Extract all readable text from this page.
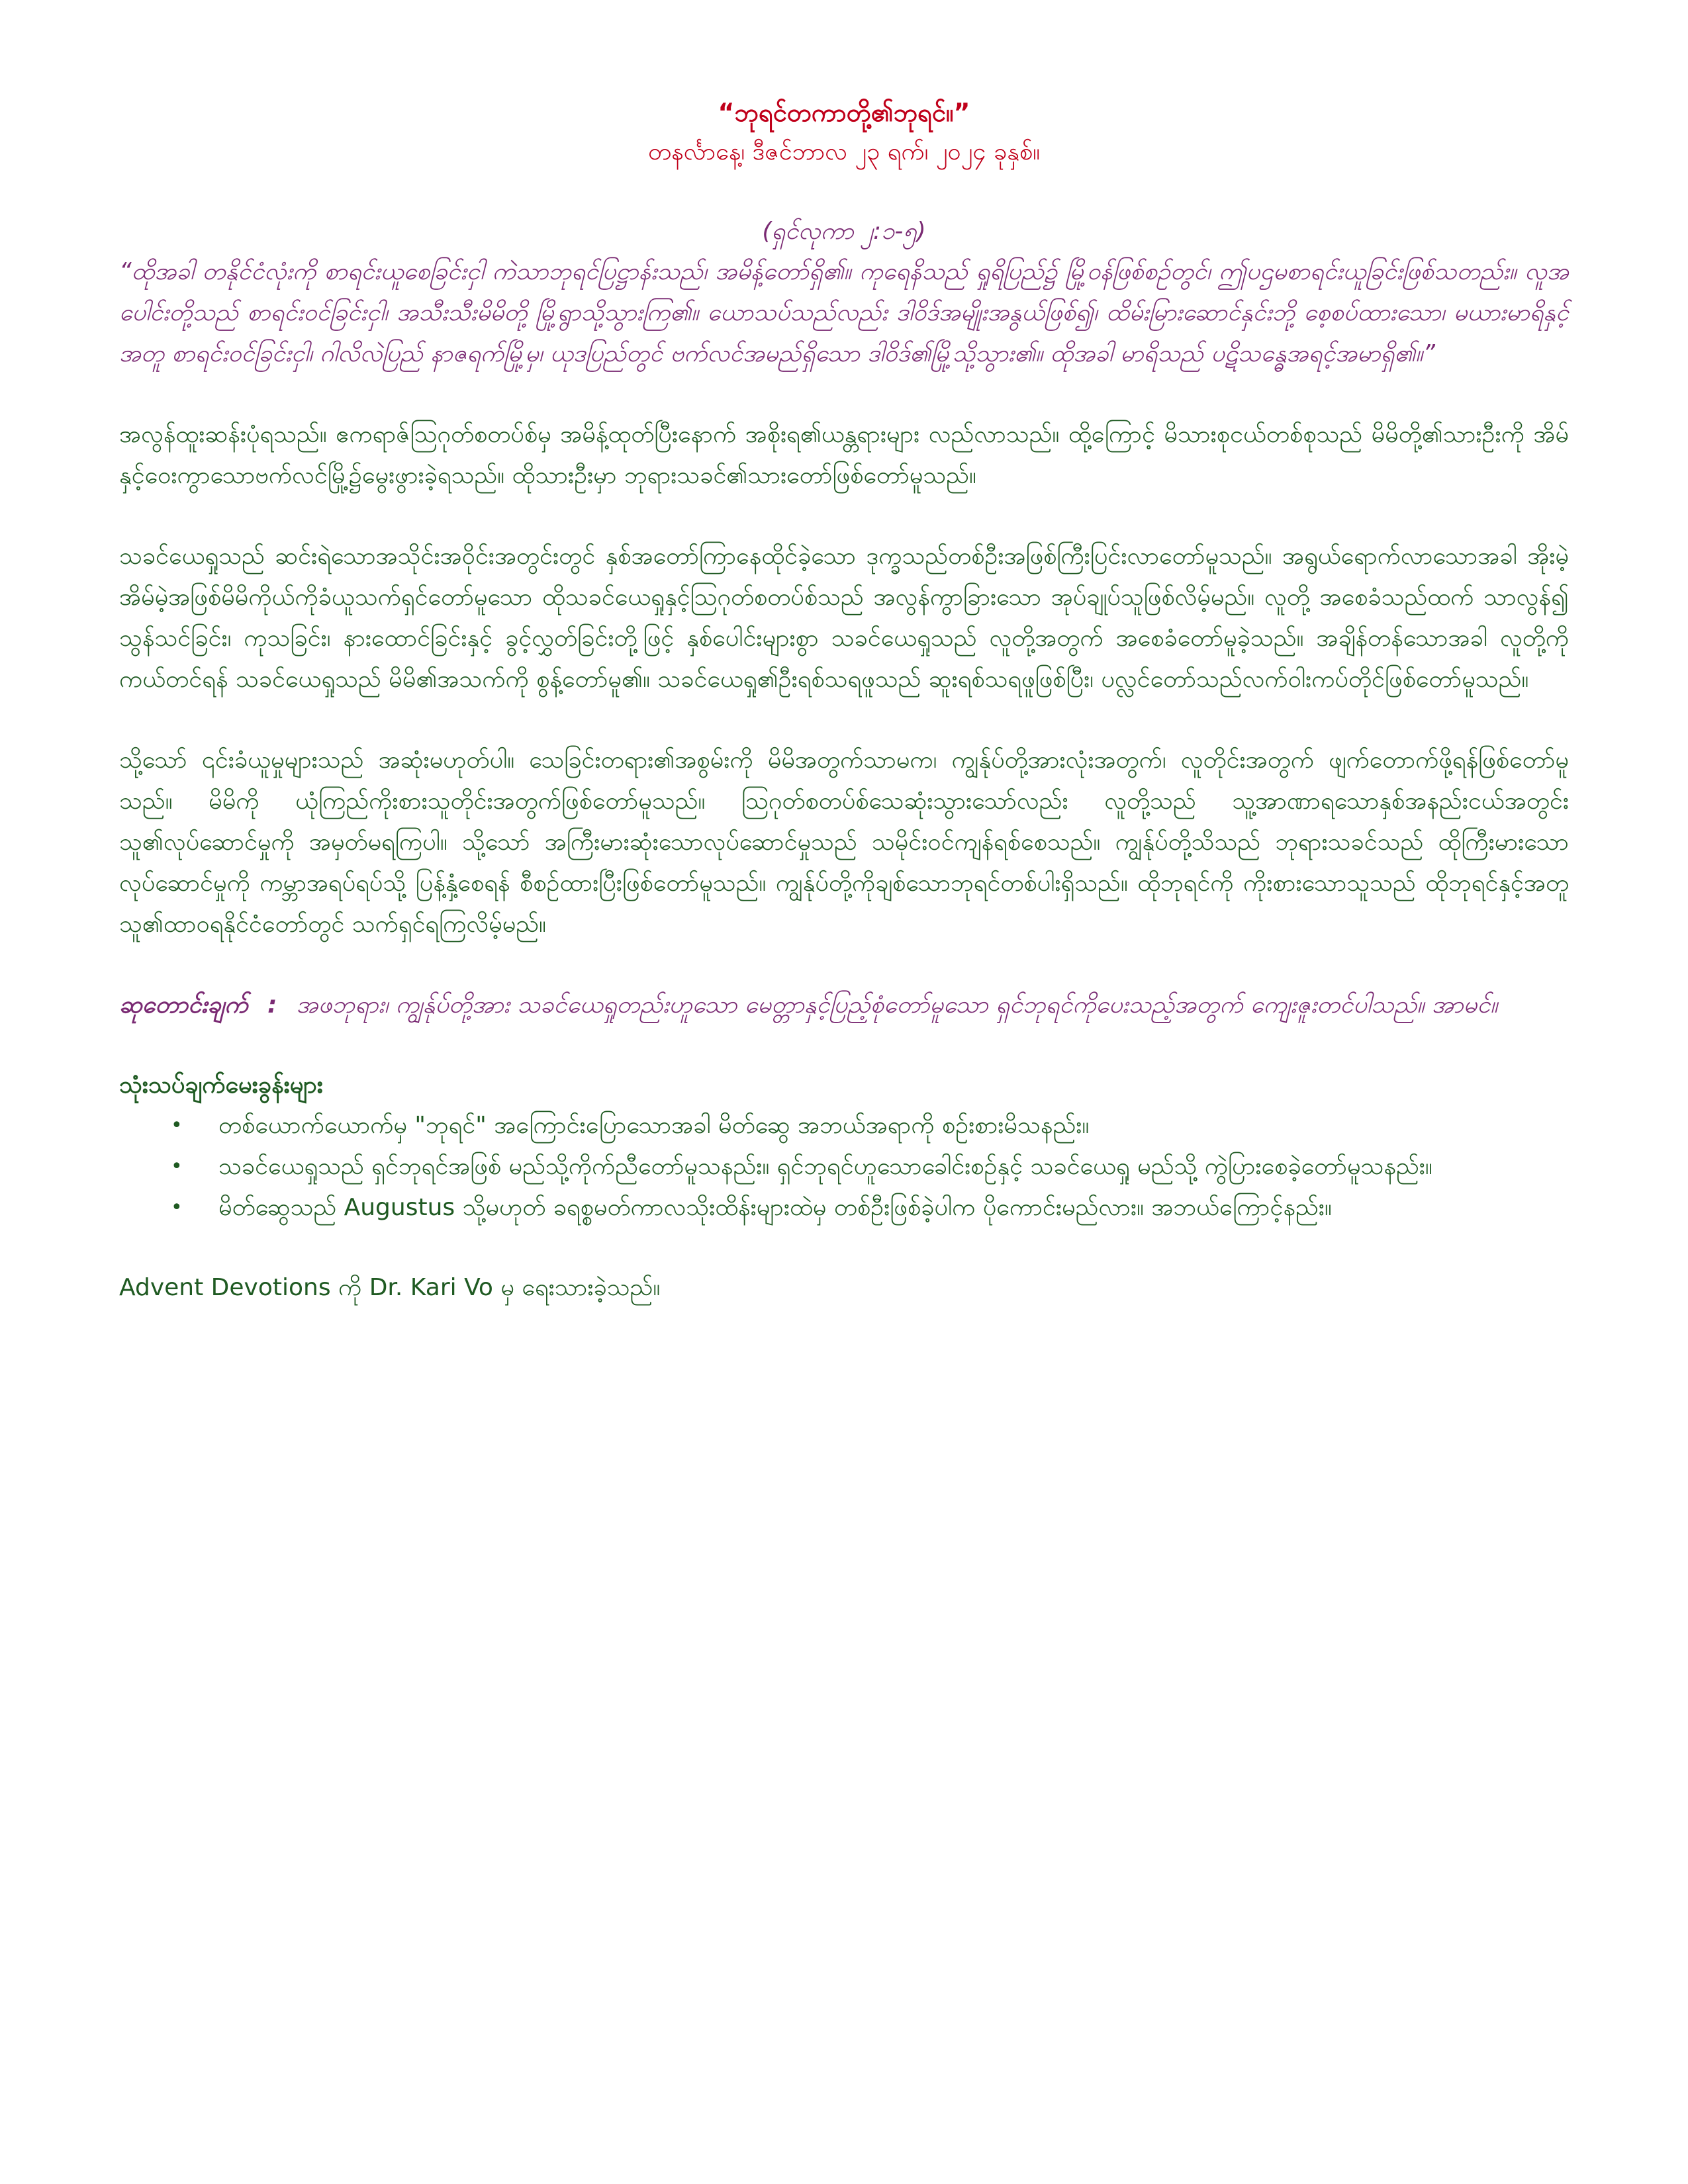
“ဘုရင်တကာတို့၏ဘုရင်။”

တနင်္လာနေ့၊ ဒီဇင်ဘာလ ၂၃ ရက်၊ ၂၀၂၄ ခုနှစ်။

(ရှင်လုကာ ၂:၁-၅)

“ထိုအခါ တနိုင်ငံလုံးကို စာရင်းယူစေခြင်းငှါ ကဲသာဘုရင်ပြဋ္ဌာန်းသည်၊ အမိန့်တော်ရှိ၏။ ကုရေနိသည် ရှုရိပြည်၌ မြို့ဝန်ဖြစ်စဉ်တွင်၊ ဤပဌမစာရင်းယူခြင်းဖြစ်သတည်း။ လူအပေါင်းတို့သည် စာရင်းဝင်ခြင်းငှါ၊ အသီးသီးမိမိတို့ မြို့ရွာသို့သွားကြ၏။ ယောသပ်သည်လည်း ဒါဝိဒ်အမျိုးအနွယ်ဖြစ်၍၊ ထိမ်းမြားဆောင်နှင်းဘို့ စေ့စပ်ထားသော၊ မယားမာရိနှင့်အတူ စာရင်းဝင်ခြင်းငှါ၊ ဂါလိလဲပြည် နာဇရက်မြို့မှ၊ ယုဒပြည်တွင် ဗက်လင်အမည်ရှိသော ဒါဝိဒ်၏မြို့သို့သွား၏။ ထိုအခါ မာရိသည် ပဋိသန္ဓေအရင့်အမာရှိ၏။”

အလွန်ထူးဆန်းပုံရသည်။ ဧကရာဇ်ဩဂုတ်စတပ်စ်မှ အမိန့်ထုတ်ပြီးနောက် အစိုးရ၏ယန္တရားများ လည်လာသည်။ ထို့ကြောင့် မိသားစုငယ်တစ်စုသည် မိမိတို့၏သားဦးကို အိမ်နှင့်ဝေးကွာသောဗက်လင်မြို့၌မွေးဖွားခဲ့ရသည်။ ထိုသားဦးမှာ ဘုရားသခင်၏သားတော်ဖြစ်တော်မူသည်။

သခင်ယေရှုသည် ဆင်းရဲသောအသိုင်းအဝိုင်းအတွင်းတွင် နှစ်အတော်ကြာနေထိုင်ခဲ့သော ဒုက္ခသည်တစ်ဦးအဖြစ်ကြီးပြင်းလာတော်မူသည်။ အရွယ်ရောက်လာသောအခါ အိုးမဲ့အိမ်မဲ့အဖြစ်မိမိကိုယ်ကိုခံယူသက်ရှင်တော်မူသော ထိုသခင်ယေရှုနှင့်ဩဂုတ်စတပ်စ်သည် အလွန်ကွာခြားသော အုပ်ချုပ်သူဖြစ်လိမ့်မည်။ လူတို့ အစေခံသည်ထက် သာလွန်၍ သွန်သင်ခြင်း၊ ကုသခြင်း၊ နားထောင်ခြင်းနှင့် ခွင့်လွှတ်ခြင်းတို့ဖြင့် နှစ်ပေါင်းများစွာ သခင်ယေရှုသည် လူတို့အတွက် အစေခံတော်မူခဲ့သည်။ အချိန်တန်သောအခါ လူတို့ကိုကယ်တင်ရန် သခင်ယေရှုသည် မိမိ၏အသက်ကို စွန့်တော်မူ၏။ သခင်ယေရှု၏ဦးရစ်သရဖူသည် ဆူးရစ်သရဖူဖြစ်ပြီး၊ ပလ္လင်တော်သည်လက်ဝါးကပ်တိုင်ဖြစ်တော်မူသည်။

သို့သော် ၎င်းခံယူမှုများသည် အဆုံးမဟုတ်ပါ။ သေခြင်းတရား၏အစွမ်းကို မိမိအတွက်သာမက၊ ကျွန်ုပ်တို့အားလုံးအတွက်၊ လူတိုင်းအတွက် ဖျက်တောက်ဖို့ရန်ဖြစ်တော်မူသည်။ မိမိကို ယုံကြည်ကိုးစားသူတိုင်းအတွက်ဖြစ်တော်မူသည်။ ဩဂုတ်စတပ်စ်သေဆုံးသွားသော်လည်း လူတို့သည် သူ့အာဏာရသောနှစ်အနည်းငယ်အတွင်း သူ၏လုပ်ဆောင်မှုကို အမှတ်မရကြပါ။ သို့သော် အကြီးမားဆုံးသောလုပ်ဆောင်မှုသည် သမိုင်းဝင်ကျန်ရစ်စေသည်။ ကျွန်ုပ်တို့သိသည် ဘုရားသခင်သည် ထိုကြီးမားသောလုပ်ဆောင်မှုကို ကမ္ဘာအရပ်ရပ်သို့ ပြန့်နှံ့စေရန် စီစဉ်ထားပြီးဖြစ်တော်မူသည်။ ကျွန်ုပ်တို့ကိုချစ်သောဘုရင်တစ်ပါးရှိသည်။ ထိုဘုရင်ကို ကိုးစားသောသူသည် ထိုဘုရင်နှင့်အတူ သူ၏ထာဝရနိုင်ငံတော်တွင် သက်ရှင်ရကြလိမ့်မည်။

ဆုတောင်းချက် : အဖဘုရား၊ ကျွန်ုပ်တို့အား သခင်ယေရှုတည်းဟူသော မေတ္တာနှင့်ပြည့်စုံတော်မူသော ရှင်ဘုရင်ကိုပေးသည့်အတွက် ကျေးဇူးတင်ပါသည်။ အာမင်။

သုံးသပ်ချက်မေးခွန်းများ

• တစ်ယောက်ယောက်မှ "ဘုရင်" အကြောင်းပြောသောအခါ မိတ်ဆွေ အဘယ်အရာကို စဉ်းစားမိသနည်း။
• သခင်ယေရှုသည် ရှင်ဘုရင်အဖြစ် မည်သို့ကိုက်ညီတော်မူသနည်း။ ရှင်ဘုရင်ဟူသောခေါင်းစဉ်နှင့် သခင်ယေရှု မည်သို့ ကွဲပြားစေခဲ့တော်မူသနည်း။
• မိတ်ဆွေသည် Augustus သို့မဟုတ် ခရစ္စမတ်ကာလသိုးထိန်းများထဲမှ တစ်ဦးဖြစ်ခဲ့ပါက ပိုကောင်းမည်လား။ အဘယ်ကြောင့်နည်း။

Advent Devotions ကို Dr. Kari Vo မှ ရေးသားခဲ့သည်။
